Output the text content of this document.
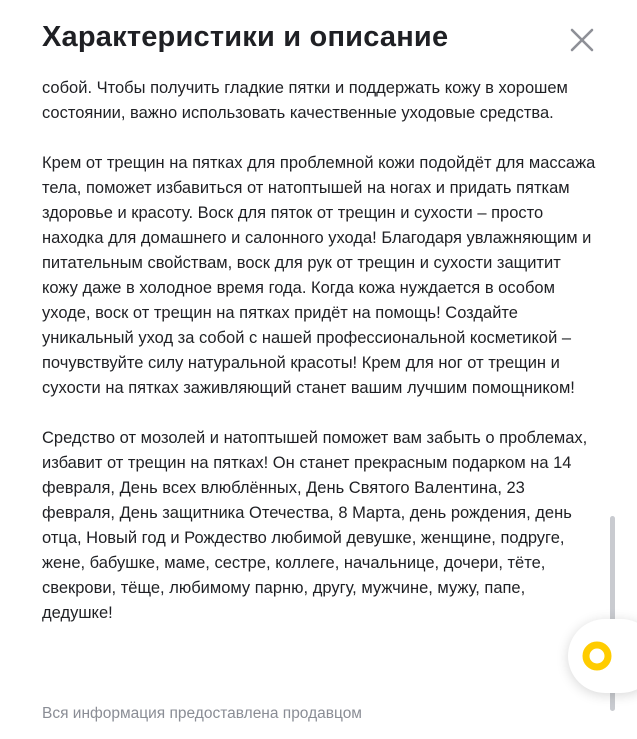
Характеристики и описание

собой. Чтобы получить гладкие пятки и поддержать кожу в хорошем состоянии, важно использовать качественные уходовые средства.

Крем от трещин на пятках для проблемной кожи подойдёт для массажа тела, поможет избавиться от натоптышей на ногах и придать пяткам здоровье и красоту. Воск для пяток от трещин и сухости – просто находка для домашнего и салонного ухода! Благодаря увлажняющим и питательным свойствам, воск для рук от трещин и сухости защитит кожу даже в холодное время года. Когда кожа нуждается в особом уходе, воск от трещин на пятках придёт на помощь! Создайте уникальный уход за собой с нашей профессиональной косметикой – почувствуйте силу натуральной красоты! Крем для ног от трещин и сухости на пятках заживляющий станет вашим лучшим помощником!

Средство от мозолей и натоптышей поможет вам забыть о проблемах, избавит от трещин на пятках! Он станет прекрасным подарком на 14 февраля, День всех влюблённых, День Святого Валентина, 23 февраля, День защитника Отечества, 8 Марта, день рождения, день отца, Новый год и Рождество любимой девушке, женщине, подруге, жене, бабушке, маме, сестре, коллеге, начальнице, дочери, тёте, свекрови, тёще, любимому парню, другу, мужчине, мужу, папе, дедушке!

Вся информация предоставлена продавцом
